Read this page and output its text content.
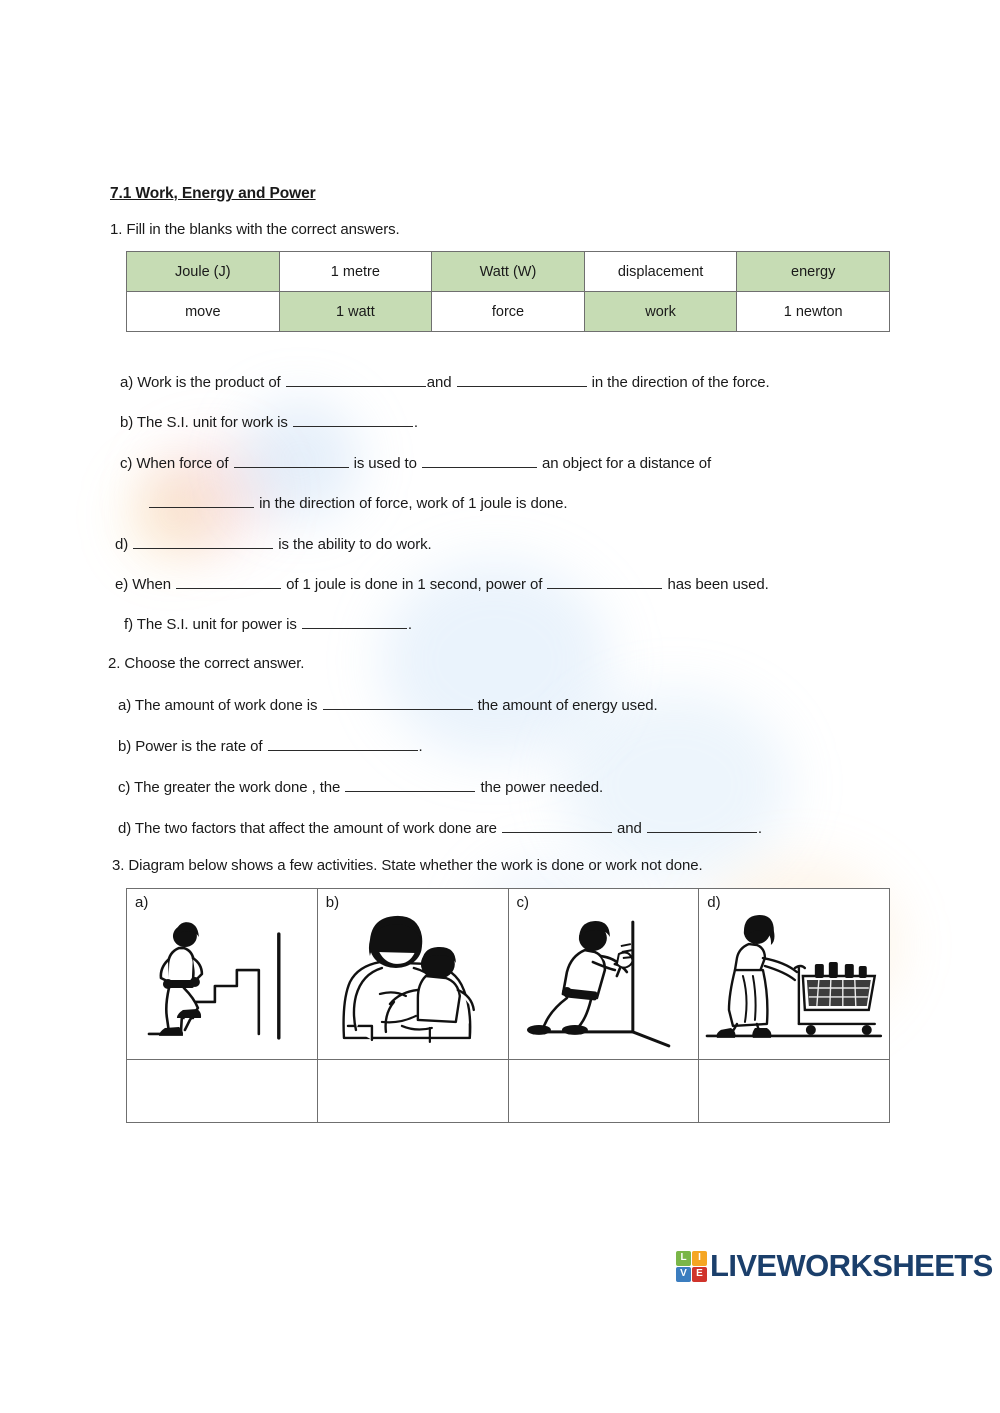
7.1 Work, Energy and Power
1. Fill in the blanks with the correct answers.
Joule (J)	1 metre	Watt (W)	displacement	energy
move	1 watt	force	work	1 newton
a) Work is the product of	and	in the direction of the force.
b) The S.I. unit for work is	.
c) When force of	is used to	an object for a distance of
in the direction of force, work of 1 joule is done.
d)	is the ability to do work.
e) When	of 1 joule is done in 1 second, power of	has been used.
f) The S.I. unit for power is	.
2. Choose the correct answer.
a) The amount of work done is	the amount of energy used.
b) Power is the rate of	.
c) The greater the work done , the	the power needed.
d) The two factors that affect the amount of work done are	and	.
3. Diagram below shows a few activities. State whether the work is done or work not done.
a)	b)	c)	d)

L	I
V E LIVEWORKSHEETS
